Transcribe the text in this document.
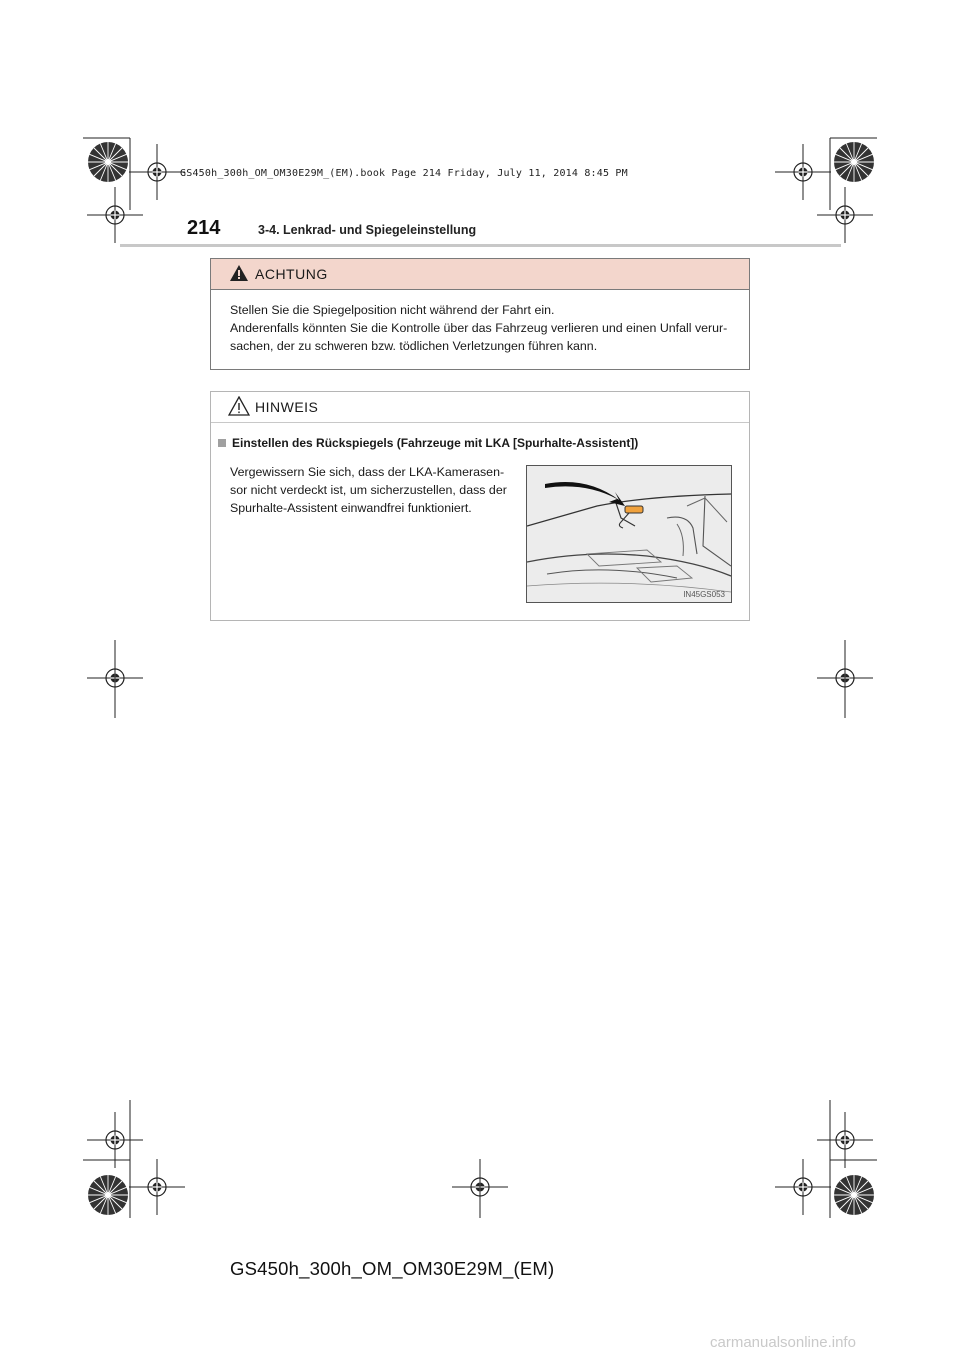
GS450h_300h_OM_OM30E29M_(EM).book Page 214 Friday, July 11, 2014 8:45 PM
214	3-4. Lenkrad- und Spiegeleinstellung
ACHTUNG

Stellen Sie die Spiegelposition nicht während der Fahrt ein.

Anderenfalls könnten Sie die Kontrolle über das Fahrzeug verlieren und einen Unfall verur-sachen, der zu schweren bzw. tödlichen Verletzungen führen kann.

HINWEIS
Einstellen des Rückspiegels (Fahrzeuge mit LKA [Spurhalte-Assistent])

Vergewissern Sie sich, dass der LKA-Kamerasen-sor nicht verdeckt ist, um sicherzustellen, dass der Spurhalte-Assistent einwandfrei funktioniert.

IN45GS053
GS450h_300h_OM_OM30E29M_(EM)
carmanualsonline.info
